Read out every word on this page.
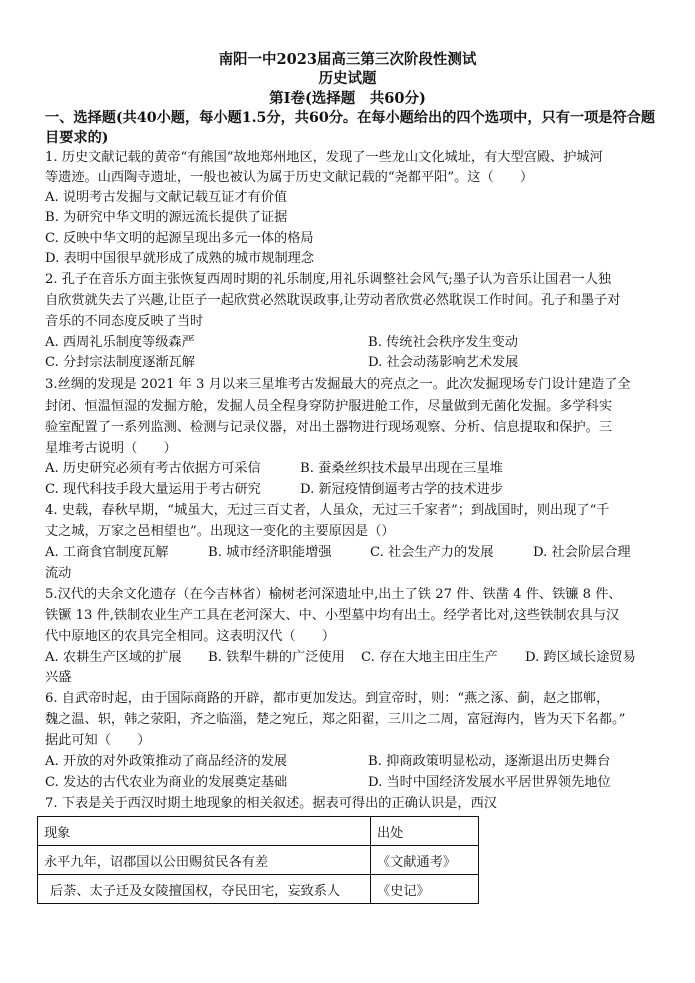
南阳一中2023届高三第三次阶段性测试
历史试题
第Ⅰ卷(选择题　共60分)
一、选择题(共40小题，每小题1.5分，共60分。在每小题给出的四个选项中，只有一项是符合题
目要求的)
1. 历史文献记载的黄帝“有熊国”故地郑州地区，发现了一些龙山文化城址，有大型宫殿、护城河
等遗迹。山西陶寺遗址，一般也被认为属于历史文献记载的“尧都平阳”。这（　　）
A. 说明考古发掘与文献记载互证才有价值
B. 为研究中华文明的源远流长提供了证据
C. 反映中华文明的起源呈现出多元一体的格局
D. 表明中国很早就形成了成熟的城市规制理念
2. 孔子在音乐方面主张恢复西周时期的礼乐制度,用礼乐调整社会风气;墨子认为音乐让国君一人独
自欣赏就失去了兴趣,让臣子一起欣赏必然耽误政事,让劳动者欣赏必然耽误工作时间。孔子和墨子对
音乐的不同态度反映了当时
A. 西周礼乐制度等级森严	B. 传统社会秩序发生变动
C. 分封宗法制度逐渐瓦解	D. 社会动荡影响艺术发展
3.丝绸的发现是 2021 年 3 月以来三星堆考古发掘最大的亮点之一。此次发掘现场专门设计建造了全
封闭、恒温恒湿的发掘方舱，发掘人员全程身穿防护服进舱工作，尽量做到无菌化发掘。多学科实
验室配置了一系列监测、检测与记录仪器，对出土器物进行现场观察、分析、信息提取和保护。三
星堆考古说明（　　）
A. 历史研究必须有考古依据方可采信	B. 蚕桑丝织技术最早出现在三星堆
C. 现代科技手段大量运用于考古研究	D. 新冠疫情倒逼考古学的技术进步
4. 史载，春秋早期，“城虽大，无过三百丈者，人虽众，无过三千家者”；到战国时，则出现了“千
丈之城，万家之邑相望也”。出现这一变化的主要原因是（）
A. 工商食官制度瓦解	B. 城市经济职能增强	C. 社会生产力的发展	D. 社会阶层合理
流动
5.汉代的夫余文化遗存（在今吉林省）榆树老河深遗址中,出土了铁 27 件、铁凿 4 件、铁镰 8 件、
铁镢 13 件,铁制农业生产工具在老河深大、中、小型墓中均有出土。经学者比对,这些铁制农具与汉
代中原地区的农具完全相同。这表明汉代（　　）
A. 农耕生产区域的扩展 B. 铁犁牛耕的广泛使用 C. 存在大地主田庄生产 D. 跨区域长途贸易
兴盛
6. 自武帝时起，由于国际商路的开辟，都市更加发达。到宣帝时，则：“燕之涿、蓟，赵之邯郸，
魏之温、轵，韩之荥阳，齐之临淄，楚之宛丘，郑之阳翟，三川之二周，富冠海内，皆为天下名都。”
据此可知（　　）
A. 开放的对外政策推动了商品经济的发展	B. 抑商政策明显松动，逐渐退出历史舞台
C. 发达的古代农业为商业的发展奠定基础	D. 当时中国经济发展水平居世界领先地位
7. 下表是关于西汉时期土地现象的相关叙述。据表可得出的正确认识是，西汉
现象	出处
永平九年，诏郡国以公田赐贫民各有差	《文献通考》
后荼、太子迁及女陵擅国权，夺民田宅，妄致系人	《史记》
